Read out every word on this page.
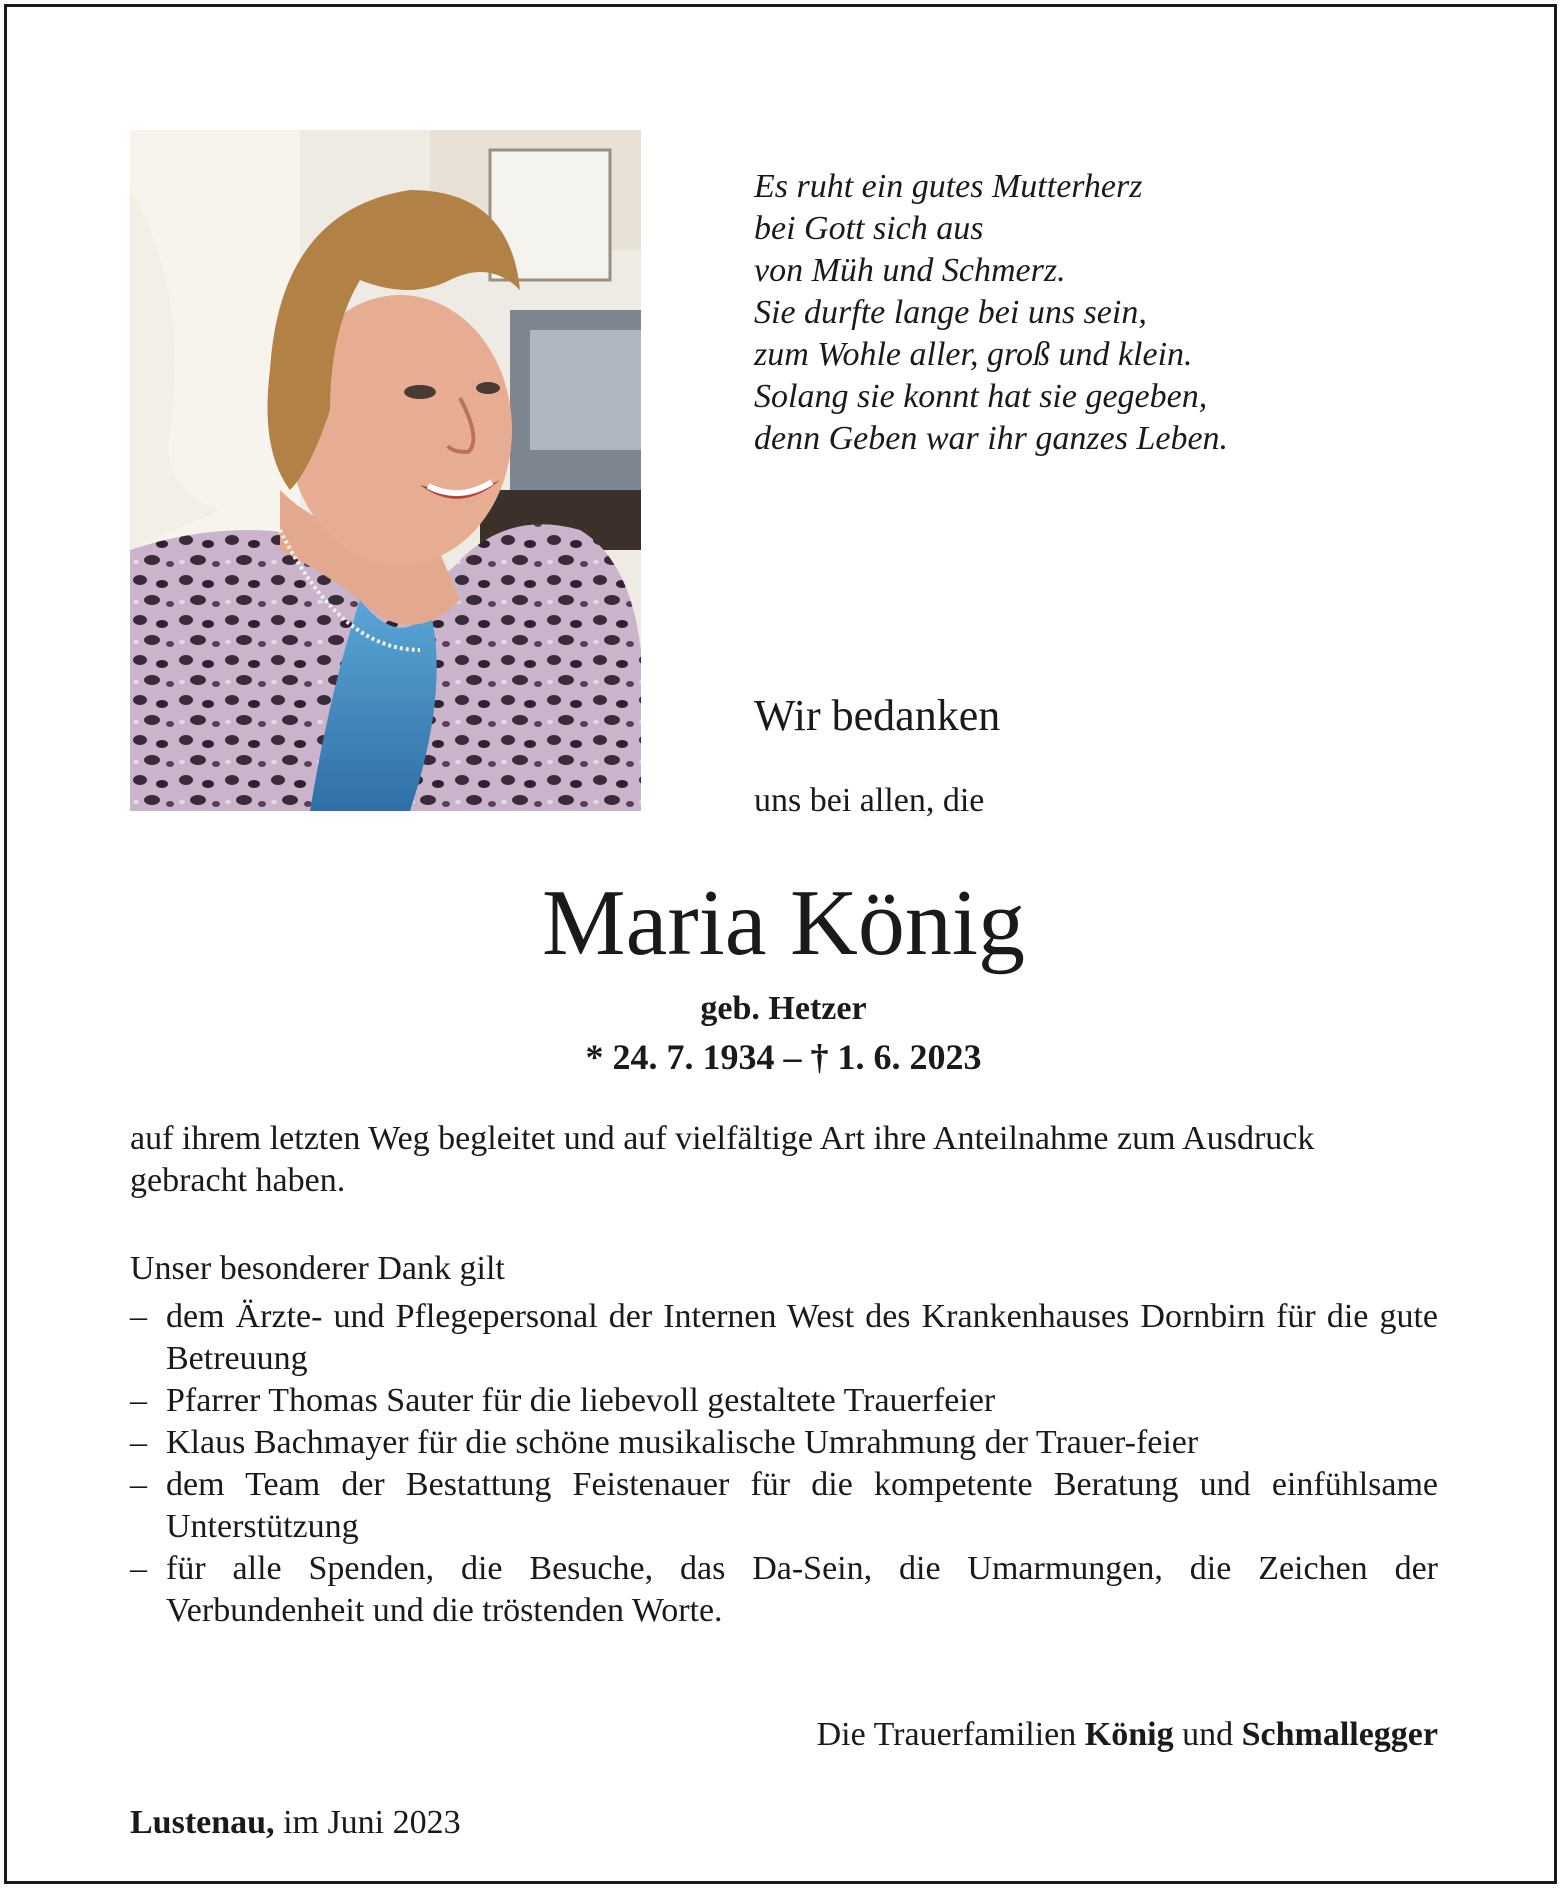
Es ruht ein gutes Mutterherz
bei Gott sich aus
von Müh und Schmerz.
Sie durfte lange bei uns sein,
zum Wohle aller, groß und klein.
Solang sie konnt hat sie gegeben,
denn Geben war ihr ganzes Leben.
Wir bedanken
uns bei allen, die
Maria König
geb. Hetzer
* 24. 7. 1934 – † 1. 6. 2023
auf ihrem letzten Weg begleitet und auf vielfältige Art ihre Anteilnahme zum Ausdruck gebracht haben.
Unser besonderer Dank gilt
– dem Ärzte- und Pflegepersonal der Internen West des Krankenhauses Dornbirn für die gute Betreuung
– Pfarrer Thomas Sauter für die liebevoll gestaltete Trauerfeier
– Klaus Bachmayer für die schöne musikalische Umrahmung der Trauer-feier
– dem Team der Bestattung Feistenauer für die kompetente Beratung und einfühlsame Unterstützung
– für alle Spenden, die Besuche, das Da-Sein, die Umarmungen, die Zeichen der Verbundenheit und die tröstenden Worte.
Die Trauerfamilien König und Schmallegger
Lustenau, im Juni 2023
